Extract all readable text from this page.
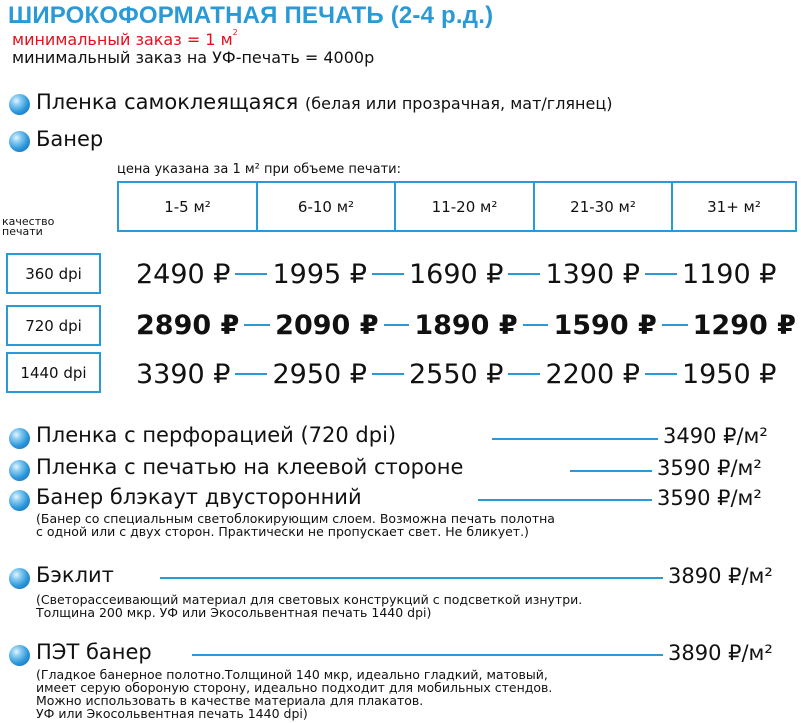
ШИРОКОФОРМАТНАЯ ПЕЧАТЬ (2-4 р.д.)
минимальный заказ = 1 $м^2$
минимальный заказ на УФ-печать = 4000р
Пленка самоклеящаяся (белая или прозрачная, мат/глянец)
Банер
цена указана за 1 м² при объеме печати:
качество печати
1-5 м²	6-10 м²	11-20 м²	21-30 м²	31+ м²
360 dpi	2490 ₽ 1995 ₽ 1690 ₽ 1390 ₽ 1190 ₽
720 dpi	2890 ₽ 2090 ₽ 1890 ₽ 1590 ₽ 1290 ₽
1440 dpi	3390 ₽ 2950 ₽ 2550 ₽ 2200 ₽ 1950 ₽
Пленка с перфорацией (720 dpi)	3490 ₽/м²
Пленка с печатью на клеевой стороне	3590 ₽/м²
Банер блэкаут двусторонний	3590 ₽/м²
(Банер со специальным светоблокирующим слоем. Возможна печать полотна
с одной или с двух сторон. Практически не пропускает свет. Не бликует.)
Бэклит	3890 ₽/м²
(Светорассеивающий материал для световых конструкций с подсветкой изнутри.
Толщина 200 мкр. УФ или Экосольвентная печать 1440 dpi)
ПЭТ банер	3890 ₽/м²
(Гладкое банерное полотно.Толщиной 140 мкр, идеально гладкий, матовый,
имеет серую обороную сторону, идеально подходит для мобильных стендов.
Можно использовать в качестве материала для плакатов.
УФ или Экосольвентная печать 1440 dpi)
